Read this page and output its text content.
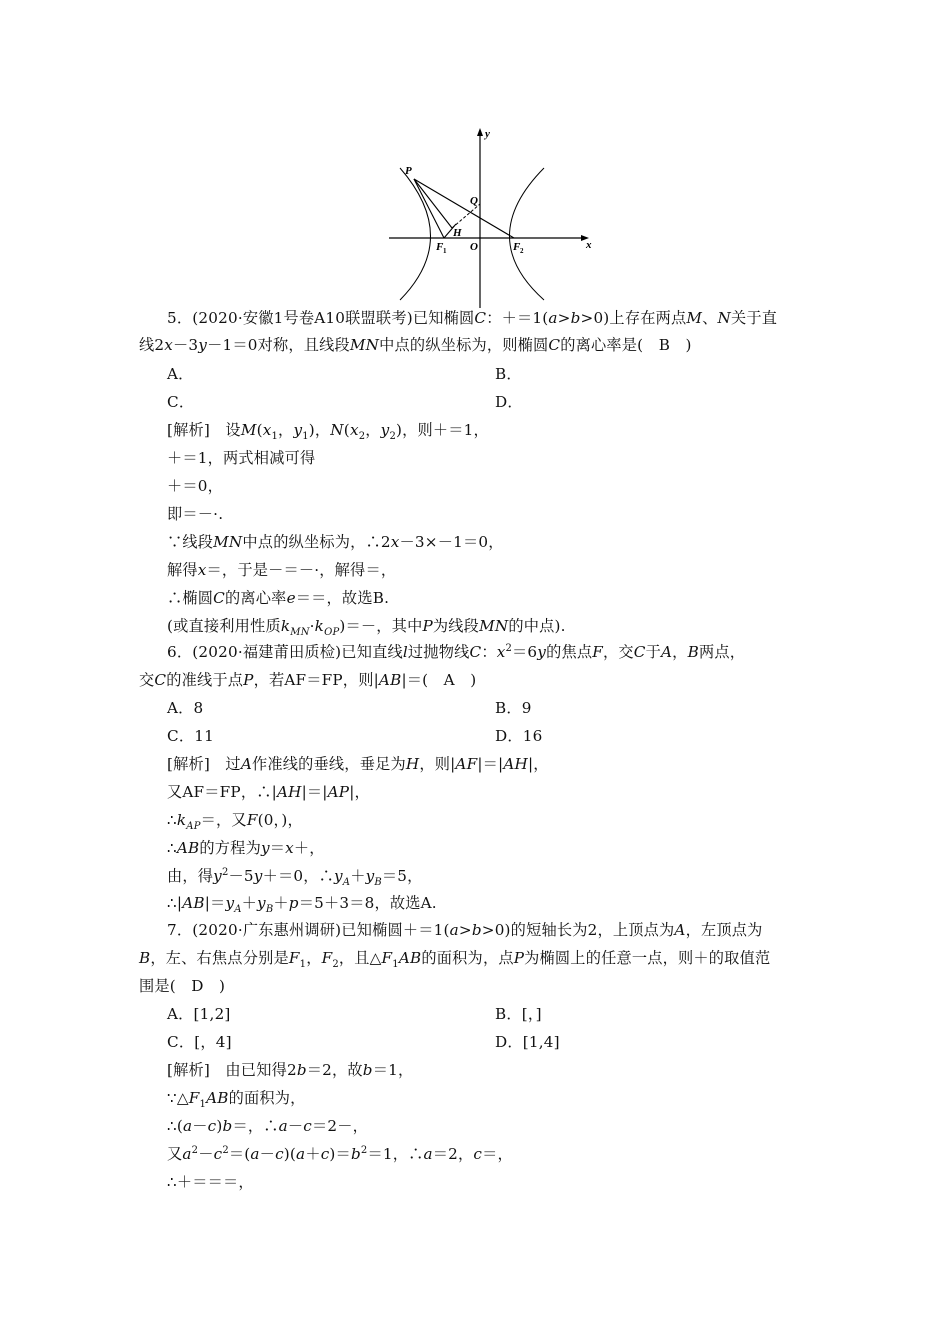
y
x
P
Q
H
O
F 1	F 2
5．(2020·安徽1号卷A10联盟联考)已知椭圆C：＋＝1(a>b>0)上存在两点M、N关于直
线2x－3y－1＝0对称，且线段MN中点的纵坐标为，则椭圆C的离心率是(　B　)
A．	B．
C．	D．
[解析]　设$M(x_1$，$y_1$)，$N(x_2$，$y_2$)，则＋＝1，
＋＝1，两式相减可得
＋＝0，
即＝－·.
∵线段MN中点的纵坐标为，∴2x－3×－1＝0，
解得x＝，于是－＝－·，解得＝，
∴椭圆C的离心率e＝＝，故选B.
(或直接利用性质$k_{MN}\cdot k_{OP})=-$，其中P为线段MN的中点).
6．(2020·福建莆田质检)已知直线l过抛物线C：$x^2=6y$的焦点F，交C于A，B两点，
交C的准线于点P，若AF＝FP，则|AB|＝(　A　)
A．8	B．9
C．11	D．16
[解析]　过A作准线的垂线，垂足为H，则|AF|＝|AH|，
又AF＝FP，∴|AH|＝|AP|，
$\therefore k_{AP}=$，又F(0，)，
∴AB的方程为y＝x＋，
由，得$y^2-5y+=0$，$\therefore y_A+y_B=5$，
$\therefore|AB|=y_A+y_B+p=5+3=8$，故选A.
7．(2020·广东惠州调研)已知椭圆＋＝1(a>b>0)的短轴长为2，上顶点为A，左顶点为
B，左、右焦点分别是$F_1$，$F_2$，且$\triangle F_1AB$的面积为，点P为椭圆上的任意一点，则＋的取值范
围是(　D　)
A．[1,2]	B．[，]
C．[，4]	D．[1,4]
[解析]　由已知得2b＝2，故b＝1，
$\because\triangle F_1AB$的面积为，
∴(a－c)b＝，∴a－c＝2－，
又$a^2-c^2=(a-c)(a+c)=b^2=1$，∴a＝2，c＝，
∴＋＝＝＝，
